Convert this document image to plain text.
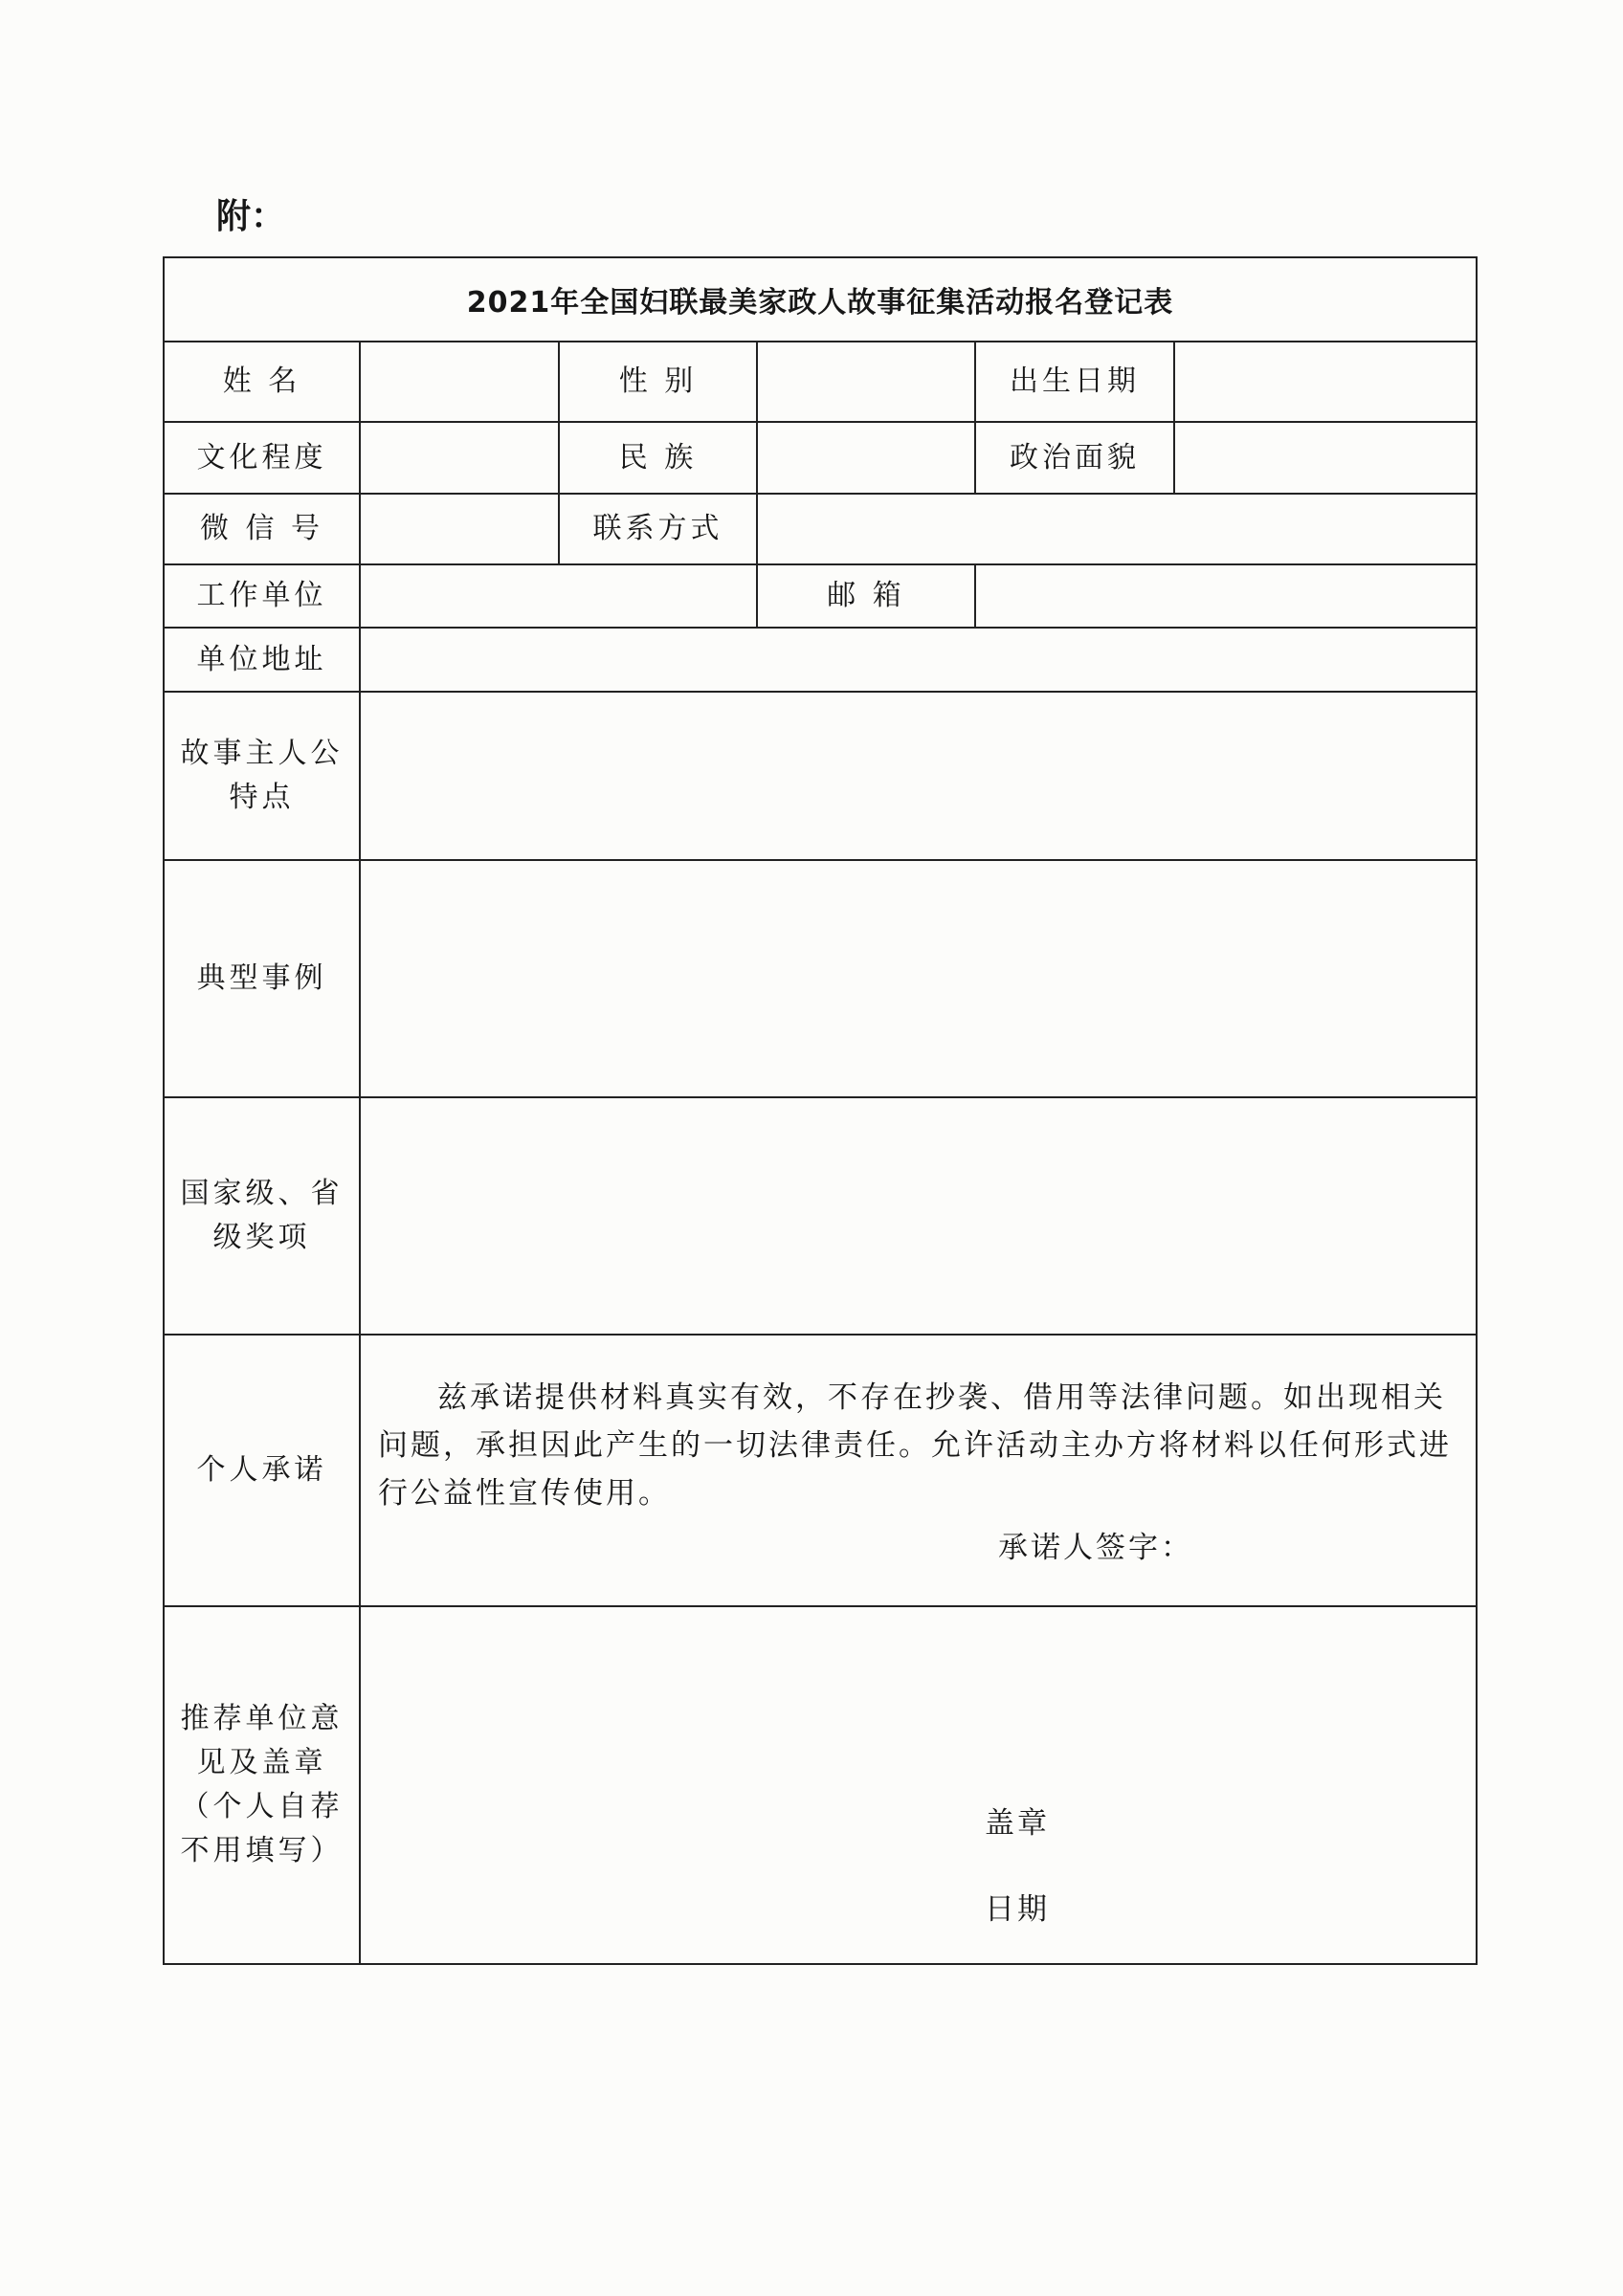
附：
2021年全国妇联最美家政人故事征集活动报名登记表					
姓 名		性 别		出生日期	
文化程度		民 族		政治面貌	
微 信 号		联系方式			
工作单位			邮 箱		
单位地址					
故事主人公特点					
典型事例					
国家级、省级奖项					
个人承诺	兹承诺提供材料真实有效，不存在抄袭、借用等法律问题。如出现相关问题，承担因此产生的一切法律责任。允许活动主办方将材料以任何形式进行公益性宣传使用。

承诺人签字：				

推荐单位意见及盖章（个人自荐不用填写）	盖章
日期				
